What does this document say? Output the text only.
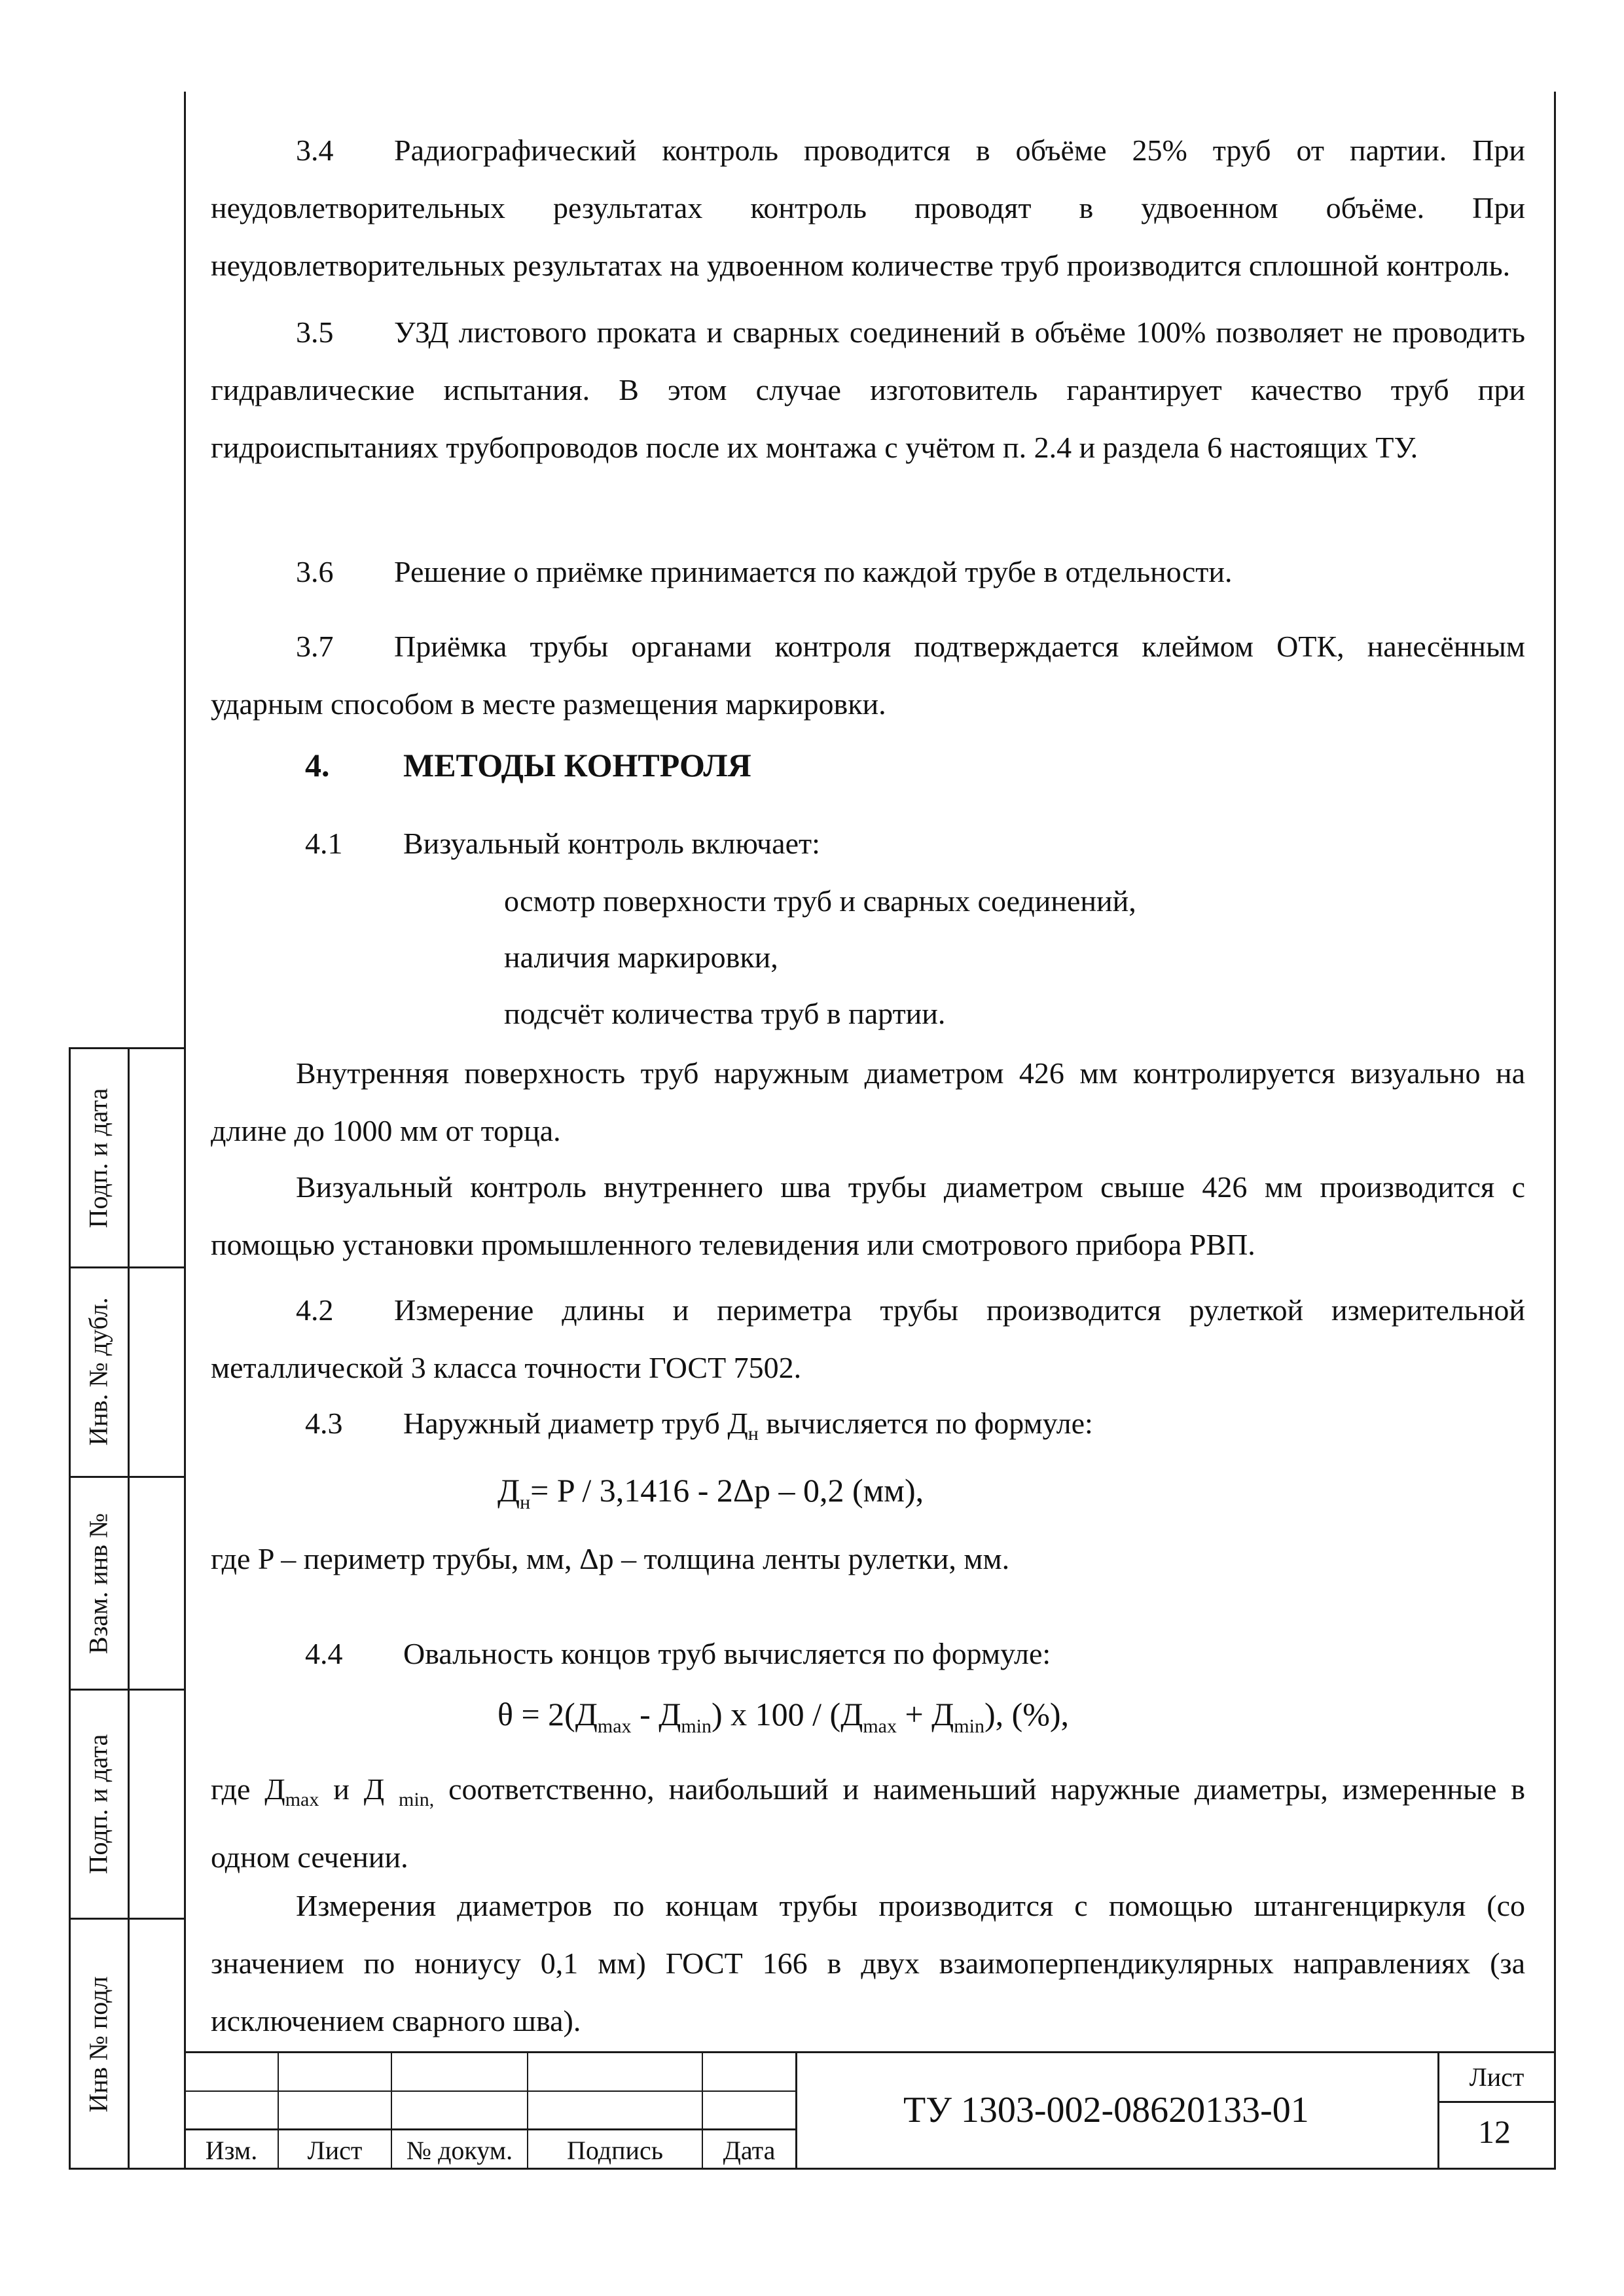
Подп. и дата
Инв. № дубл.
Взам. инв №
Подп. и дата
Инв № подл

3.4 Радиографический контроль проводится в объёме 25% труб от партии. При неудовлетворительных результатах контроль проводят в удвоенном объёме. При неудовлетворительных результатах на удвоенном количестве труб производится сплошной контроль.

3.5 УЗД листового проката и сварных соединений в объёме 100% позволяет не проводить гидравлические испытания. В этом случае изготовитель гарантирует качество труб при гидроиспытаниях трубопроводов после их монтажа с учётом п. 2.4 и раздела 6 настоящих ТУ.

3.6 Решение о приёмке принимается по каждой трубе в отдельности.

3.7 Приёмка трубы органами контроля подтверждается клеймом ОТК, нанесённым ударным способом в месте размещения маркировки.

4. МЕТОДЫ КОНТРОЛЯ
4.1 Визуальный контроль включает:
осмотр поверхности труб и сварных соединений,
наличия маркировки,
подсчёт количества труб в партии.

Внутренняя поверхность труб наружным диаметром 426 мм контролируется визуально на длине до 1000 мм от торца.

Визуальный контроль внутреннего шва трубы диаметром свыше 426 мм производится с помощью установки промышленного телевидения или смотрового прибора РВП.

4.2 Измерение длины и периметра трубы производится рулеткой измерительной металлической 3 класса точности ГОСТ 7502.

4.3 Наружный диаметр труб $Д_н$ вычисляется по формуле:
$Д_н= P / 3,1416 - 2\Delta р - 0,2$ (мм),

где P – периметр трубы, мм, Δр – толщина ленты рулетки, мм.

4.4 Овальность концов труб вычисляется по формуле:
$\theta = 2(Д_{max} - Д_{min})$ х $100 / (Д_{max} + Д_{min})$, (%),

где $Д_{max}$ и Д $_{min,}$ соответственно, наибольший и наименьший наружные диаметры, измеренные в одном сечении.

Измерения диаметров по концам трубы производится с помощью штангенциркуля (со значением по нониусу 0,1 мм) ГОСТ 166 в двух взаимоперпендикулярных направлениях (за исключением сварного шва).

Изм.	Лист	№ докум.	Подпись	Дата
ТУ 1303-002-08620133-01
Лист
12
